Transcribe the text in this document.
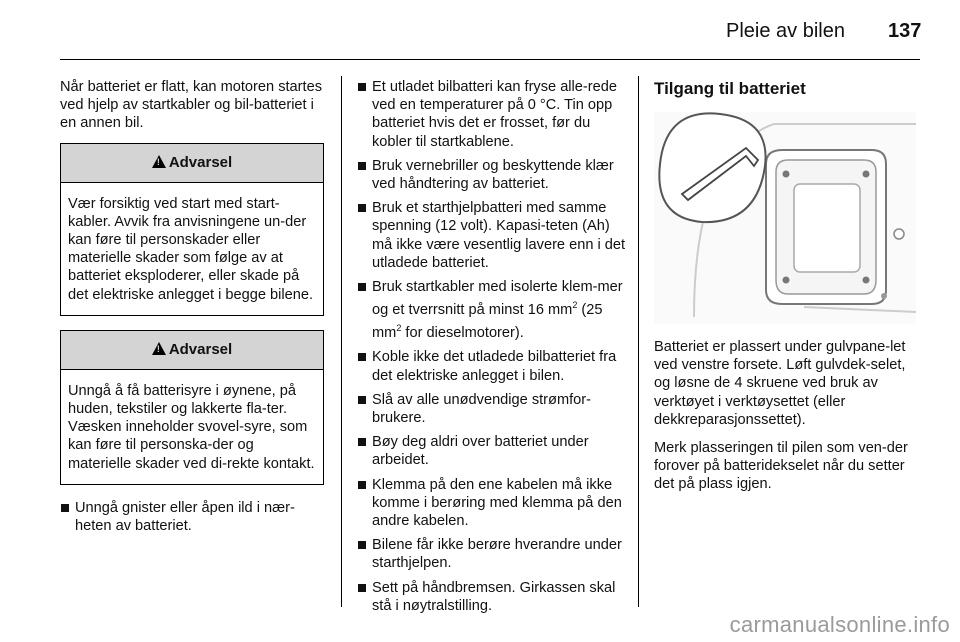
Pleie av bilen 137

Når batteriet er flatt, kan motoren startes ved hjelp av startkabler og bil-batteriet i en annen bil.

!Advarsel
Vær forsiktig ved start med start-kabler. Avvik fra anvisningene un-der kan føre til personskader eller materielle skader som følge av at batteriet eksploderer, eller skade på det elektriske anlegget i begge bilene.
!Advarsel
Unngå å få batterisyre i øynene, på huden, tekstiler og lakkerte fla-ter. Væsken inneholder svovel-syre, som kan føre til personska-der og materielle skader ved di-rekte kontakt.
Unngå gnister eller åpen ild i nær-heten av batteriet.
Et utladet bilbatteri kan fryse alle-rede ved en temperaturer på 0 °C. Tin opp batteriet hvis det er frosset, før du kobler til startkablene.
Bruk vernebriller og beskyttende klær ved håndtering av batteriet.
Bruk et starthjelpbatteri med samme spenning (12 volt). Kapasi-teten (Ah) må ikke være vesentlig lavere enn i det utladede batteriet.
Bruk startkabler med isolerte klem-mer og et tverrsnitt på minst 16 $mm^2$ (25 $mm^2$ for dieselmotorer).
Koble ikke det utladede bilbatteriet fra det elektriske anlegget i bilen.
Slå av alle unødvendige strømfor-brukere.
Bøy deg aldri over batteriet under arbeidet.
Klemma på den ene kabelen må ikke komme i berøring med klemma på den andre kabelen.
Bilene får ikke berøre hverandre under starthjelpen.
Sett på håndbremsen. Girkassen skal stå i nøytralstilling.
Tilgang til batteriet

Batteriet er plassert under gulvpane-let ved venstre forsete. Løft gulvdek-selet, og løsne de 4 skruene ved bruk av verktøyet i verktøysettet (eller dekkreparasjonssettet).

Merk plasseringen til pilen som ven-der forover på batteridekselet når du setter det på plass igjen.

carmanualsonline.info
